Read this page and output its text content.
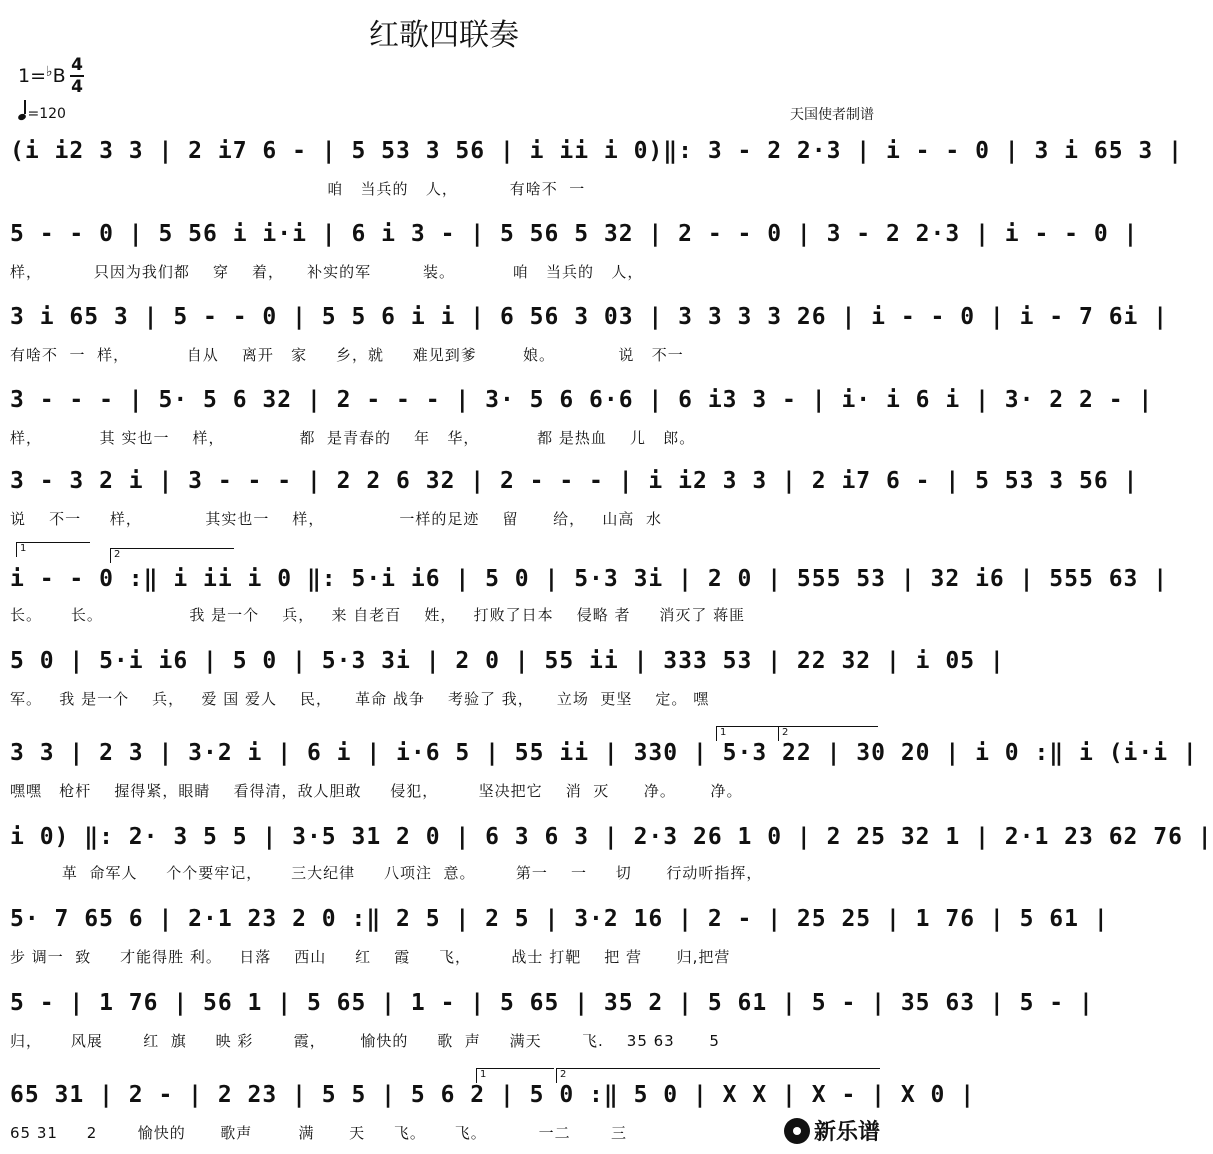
红歌四联奏
1=♭B 4
4
=120	天国使者制谱
(i i2 3 3 | 2 i7 6 - | 5 53 3 56 | i ii i 0)‖: 3 - 2 2·3 | i - - 0 | 3 i 65 3 |
咱   当兵的   人，         有啥不  一
5 - - 0 | 5 56 i i·i | 6 i 3 - | 5 56 5 32 | 2 - - 0 | 3 - 2 2·3 | i - - 0 |
样，         只因为我们都    穿    着，    补实的军         装。          咱   当兵的   人，
3 i 65 3 | 5 - - 0 | 5 5 6 i i | 6 56 3 03 | 3 3 3 3 26 | i - - 0 | i - 7 6i |
有啥不  一  样，          自从    离开   家     乡，就     难见到爹        娘。           说   不一
3 - - - | 5· 5 6 32 | 2 - - - | 3· 5 6 6·6 | 6 i3 3 - | i· i 6 i | 3· 2 2 - |
样，          其 实也一    样，             都  是青春的    年   华，          都 是热血    儿   郎。
3 - 3 2 i | 3 - - - | 2 2 6 32 | 2 - - - | i i2 3 3 | 2 i7 6 - | 5 53 3 56 |
说    不一     样，           其实也一    样，             一样的足迹    留      给，   山高  水
1
2
i - - 0 :‖ i ii i 0 ‖: 5·i i6 | 5 0 | 5·3 3i | 2 0 | 555 53 | 32 i6 | 555 63 |
长。     长。               我 是一个    兵，   来 自老百    姓，   打败了日本    侵略 者     消灭了 蒋匪
5 0 | 5·i i6 | 5 0 | 5·3 3i | 2 0 | 55 ii | 333 53 | 22 32 | i 05 |
军。   我 是一个    兵，   爱 国 爱人    民，    革命 战争    考验了 我，    立场  更坚    定。 嘿
1	2
3 3 | 2 3 | 3·2 i | 6 i | i·6 5 | 55 ii | 330 | 5·3 22 | 30 20 | i 0 :‖ i (i·i |
嘿嘿   枪杆    握得紧，眼睛    看得清，敌人胆敢     侵犯，       坚决把它    消  灭      净。      净。
i 0) ‖: 2· 3 5 5 | 3·5 31 2 0 | 6 3 6 3 | 2·3 26 1 0 | 2 25 32 1 | 2·1 23 62 76 |
革  命军人     个个要牢记，     三大纪律     八项注  意。       第一    一     切      行动听指挥，
5· 7 65 6 | 2·1 23 2 0 :‖ 2 5 | 2 5 | 3·2 16 | 2 - | 25 25 | 1 76 | 5 61 |
步 调一  致     才能得胜 利。   日落    西山     红    霞     飞，       战士 打靶    把 营      归,把营
5 - | 1 76 | 56 1 | 5 65 | 1 - | 5 65 | 35 2 | 5 61 | 5 - | 35 63 | 5 - |
归，     风展       红  旗     映 彩       霞，      愉快的     歌  声     满天       飞.    35 63      5
1	2
65 31 | 2 - | 2 23 | 5 5 | 5 6 2 | 5 0 :‖ 5 0 | X X | X - | X 0 |
65 31     2       愉快的      歌声        满      天     飞。     飞。         一二       三	新乐谱
